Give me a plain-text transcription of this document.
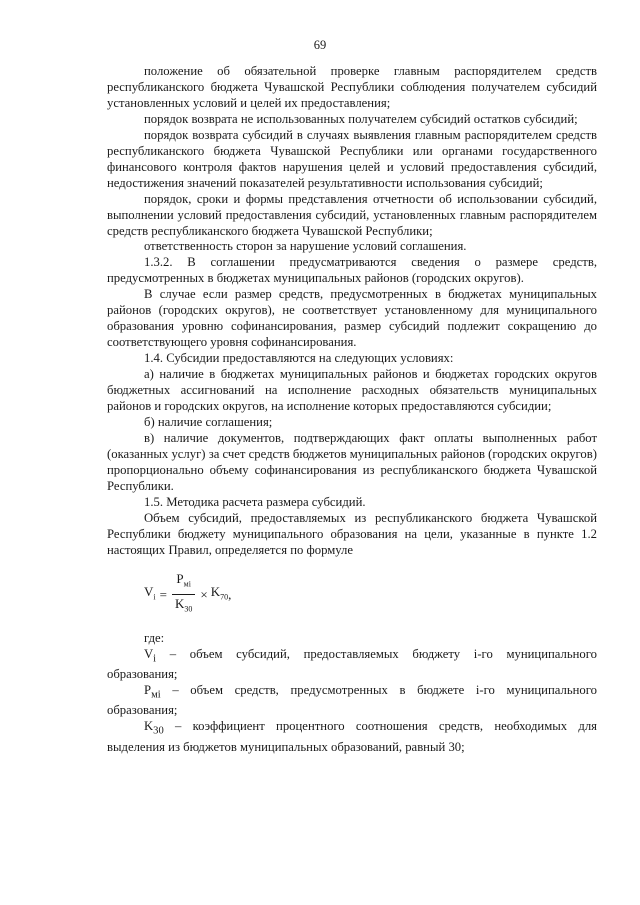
69

положение об обязательной проверке главным распорядителем средств республиканского бюджета Чувашской Республики соблюдения получателем субсидий установленных условий и целей их предоставления;

порядок возврата не использованных получателем субсидий остатков субсидий;

порядок возврата субсидий в случаях выявления главным распорядителем средств республиканского бюджета Чувашской Республики или органами государственного финансового контроля фактов нарушения целей и условий предоставления субсидий, недостижения значений показателей результативности использования субсидий;

порядок, сроки и формы представления отчетности об использовании субсидий, выполнении условий предоставления субсидий, установленных главным распорядителем средств республиканского бюджета Чувашской Республики;

ответственность сторон за нарушение условий соглашения.

1.3.2. В соглашении предусматриваются сведения о размере средств, предусмотренных в бюджетах муниципальных районов (городских округов).

В случае если размер средств, предусмотренных в бюджетах муниципальных районов (городских округов), не соответствует установленному для муниципального образования уровню софинансирования, размер субсидий подлежит сокращению до соответствующего уровня софинансирования.

1.4. Субсидии предоставляются на следующих условиях:

а) наличие в бюджетах муниципальных районов и бюджетах городских округов бюджетных ассигнований на исполнение расходных обязательств муниципальных районов и городских округов, на исполнение которых предоставляются субсидии;

б) наличие соглашения;

в) наличие документов, подтверждающих факт оплаты выполненных работ (оказанных услуг) за счет средств бюджетов муниципальных районов (городских округов) пропорционально объему софинансирования из республиканского бюджета Чувашской Республики.

1.5. Методика расчета размера субсидий.

Объем субсидий, предоставляемых из республиканского бюджета Чувашской Республики бюджету муниципального образования на цели, указанные в пункте 1.2 настоящих Правил, определяется по формуле

$V_i = \frac{P_{мi}}{K_{30}} \times K_{70}$ ,

где:

$V_i$ – объем субсидий, предоставляемых бюджету i-го муниципального образования;

$P_{мi}$ – объем средств, предусмотренных в бюджете i-го муниципального образования;

$K_{30}$ – коэффициент процентного соотношения средств, необходимых для выделения из бюджетов муниципальных образований, равный 30;
